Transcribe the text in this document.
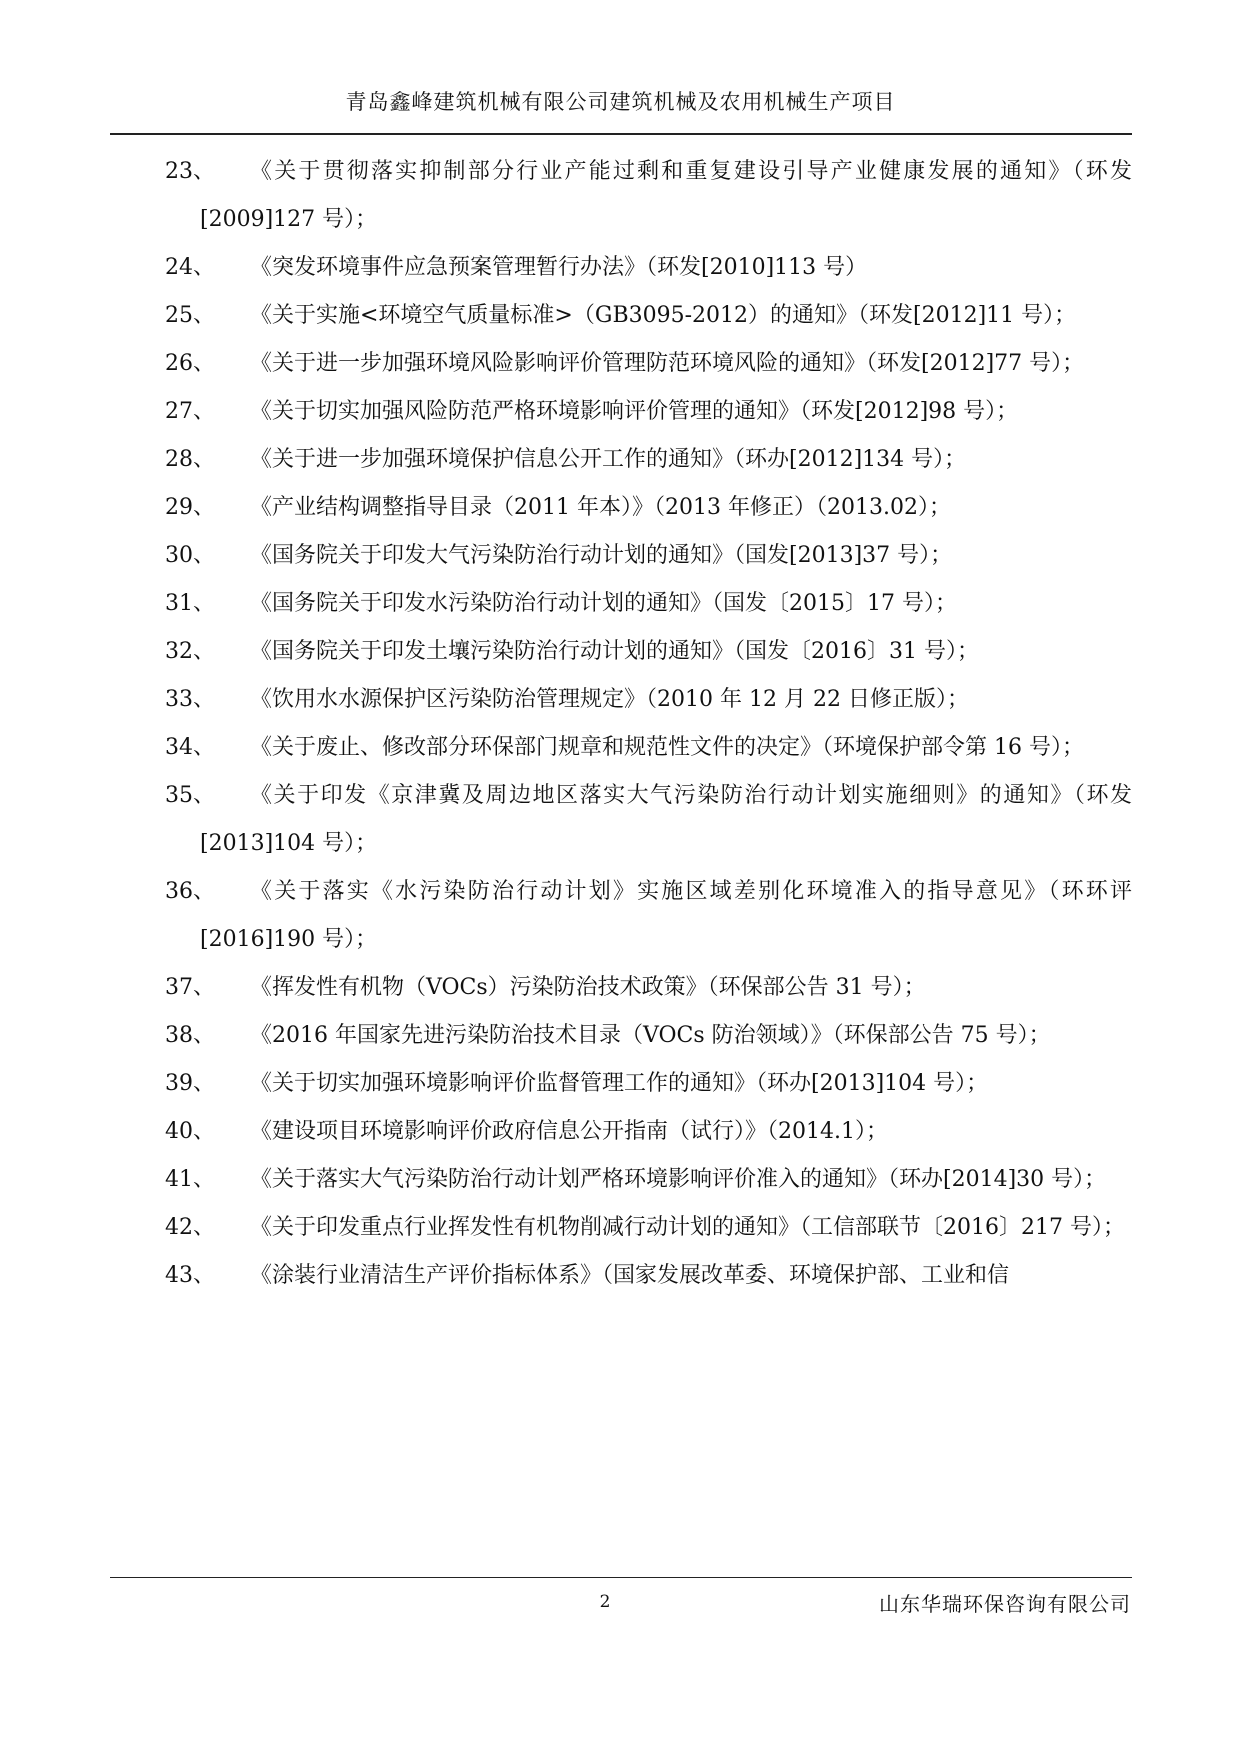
青岛鑫峰建筑机械有限公司建筑机械及农用机械生产项目
23、	《关于贯彻落实抑制部分行业产能过剩和重复建设引导产业健康发展的通知》（环发[2009]127 号）；
24、	《突发环境事件应急预案管理暂行办法》（环发[2010]113 号）
25、	《关于实施<环境空气质量标准>（GB3095-2012）的通知》（环发[2012]11 号）；
26、	《关于进一步加强环境风险影响评价管理防范环境风险的通知》（环发[2012]77 号）；
27、	《关于切实加强风险防范严格环境影响评价管理的通知》（环发[2012]98 号）；
28、	《关于进一步加强环境保护信息公开工作的通知》（环办[2012]134 号）；
29、	《产业结构调整指导目录（2011 年本）》（2013 年修正）（2013.02）；
30、	《国务院关于印发大气污染防治行动计划的通知》（国发[2013]37 号）；
31、	《国务院关于印发水污染防治行动计划的通知》（国发〔2015〕17 号）；
32、	《国务院关于印发土壤污染防治行动计划的通知》（国发〔2016〕31 号）；
33、	《饮用水水源保护区污染防治管理规定》（2010 年 12 月 22 日修正版）；
34、	《关于废止、修改部分环保部门规章和规范性文件的决定》（环境保护部令第 16 号）；
35、	《关于印发《京津冀及周边地区落实大气污染防治行动计划实施细则》的通知》（环发[2013]104 号）；
36、	《关于落实《水污染防治行动计划》实施区域差别化环境准入的指导意见》（环环评[2016]190 号）；
37、	《挥发性有机物（VOCs）污染防治技术政策》（环保部公告 31 号）；
38、	《2016 年国家先进污染防治技术目录（VOCs 防治领域）》（环保部公告 75 号）；
39、	《关于切实加强环境影响评价监督管理工作的通知》（环办[2013]104 号）；
40、	《建设项目环境影响评价政府信息公开指南（试行）》（2014.1）；
41、	《关于落实大气污染防治行动计划严格环境影响评价准入的通知》（环办[2014]30 号）；
42、	《关于印发重点行业挥发性有机物削减行动计划的通知》（工信部联节〔2016〕217 号）；
43、	《涂装行业清洁生产评价指标体系》（国家发展改革委、环境保护部、工业和信
2	山东华瑞环保咨询有限公司
